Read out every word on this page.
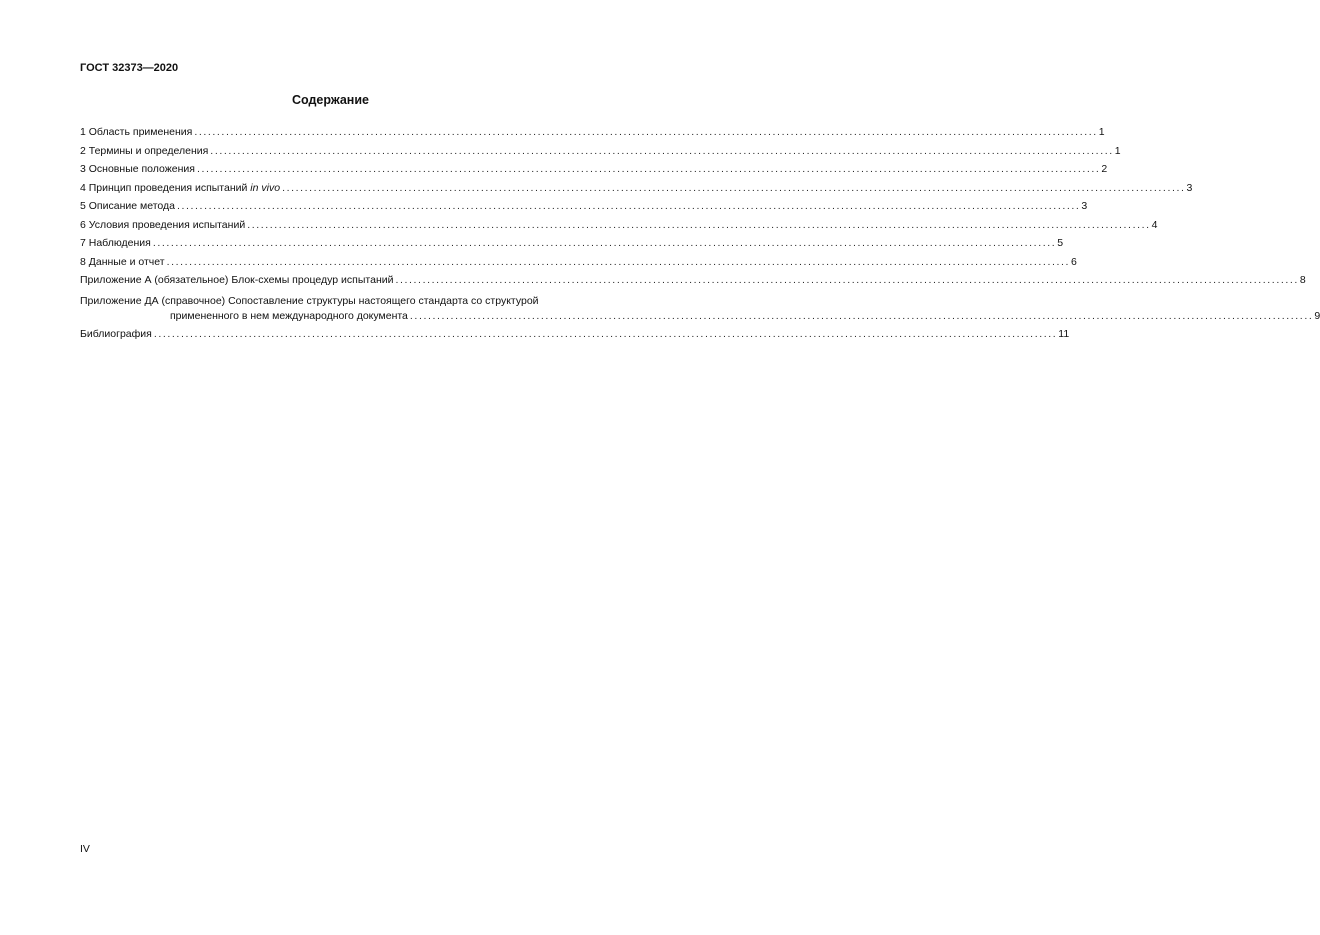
ГОСТ 32373—2020
Содержание
1 Область применения ........................................................................................................................................................................................................ 1
2 Термины и определения ........................................................................................................................................................................................................ 1
3 Основные положения ........................................................................................................................................................................................................ 2
4 Принцип проведения испытаний in vivo ........................................................................................................................................................................................................ 3
5 Описание метода ........................................................................................................................................................................................................ 3
6 Условия проведения испытаний ........................................................................................................................................................................................................ 4
7 Наблюдения ........................................................................................................................................................................................................ 5
8 Данные и отчет ........................................................................................................................................................................................................ 6
Приложение А (обязательное) Блок-схемы процедур испытаний ........................................................................................................................................................................................................ 8
Приложение ДА (справочное) Сопоставление структуры настоящего стандарта со структурой
примененного в нем международного документа ........................................................................................................................................................................................................ 9
Библиография ........................................................................................................................................................................................................ 11
IV
